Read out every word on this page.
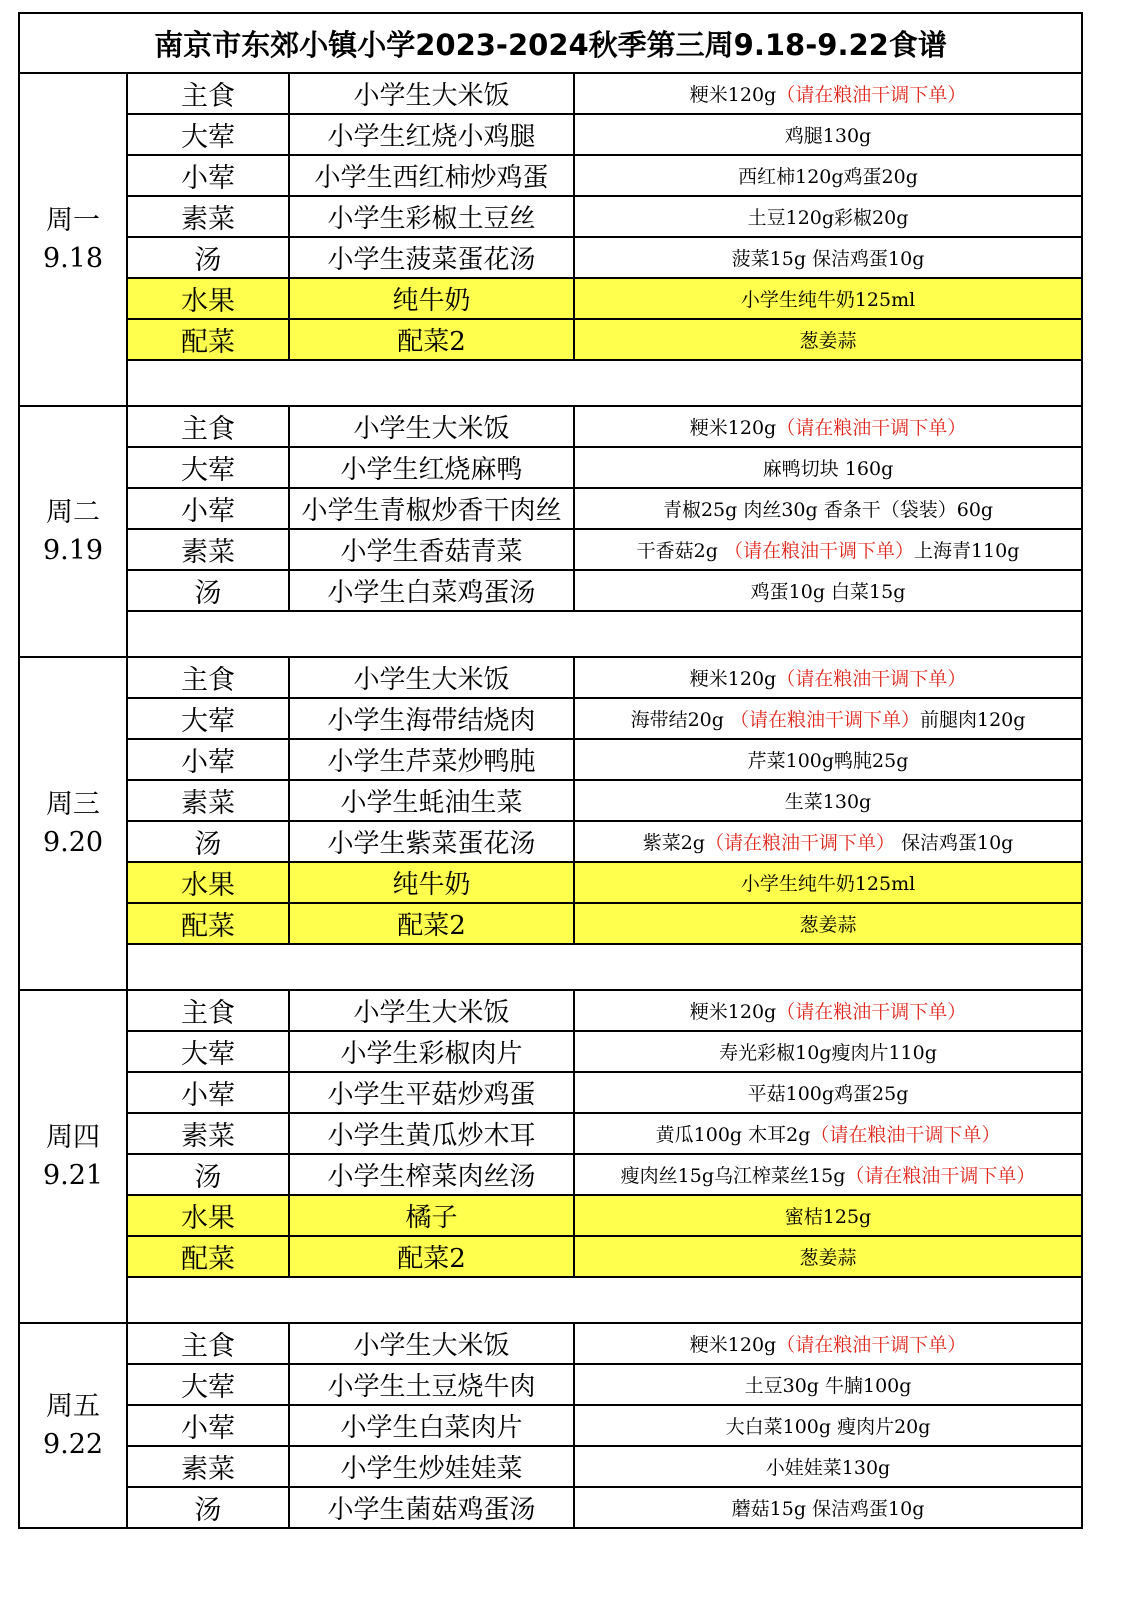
南京市东郊小镇小学2023-2024秋季第三周9.18-9.22食谱			

周一
9.18	主食	小学生大米饭	粳米120g（请在粮油干调下单）
	大荤	小学生红烧小鸡腿	鸡腿130g
	小荤	小学生西红柿炒鸡蛋	西红柿120g鸡蛋20g
	素菜	小学生彩椒土豆丝	土豆120g彩椒20g
	汤	小学生菠菜蛋花汤	菠菜15g 保洁鸡蛋10g
	水果	纯牛奶	小学生纯牛奶125ml
	配菜	配菜2	葱姜蒜

周二
9.19	主食	小学生大米饭	粳米120g（请在粮油干调下单）
	大荤	小学生红烧麻鸭	麻鸭切块 160g
	小荤	小学生青椒炒香干肉丝	青椒25g 肉丝30g 香条干（袋装）60g
	素菜	小学生香菇青菜	干香菇2g （请在粮油干调下单）上海青110g
	汤	小学生白菜鸡蛋汤	鸡蛋10g 白菜15g

周三
9.20	主食	小学生大米饭	粳米120g（请在粮油干调下单）
	大荤	小学生海带结烧肉	海带结20g （请在粮油干调下单）前腿肉120g
	小荤	小学生芹菜炒鸭肫	芹菜100g鸭肫25g
	素菜	小学生蚝油生菜	生菜130g
	汤	小学生紫菜蛋花汤	紫菜2g（请在粮油干调下单） 保洁鸡蛋10g
	水果	纯牛奶	小学生纯牛奶125ml
	配菜	配菜2	葱姜蒜

周四
9.21	主食	小学生大米饭	粳米120g（请在粮油干调下单）
	大荤	小学生彩椒肉片	寿光彩椒10g瘦肉片110g
	小荤	小学生平菇炒鸡蛋	平菇100g鸡蛋25g
	素菜	小学生黄瓜炒木耳	黄瓜100g 木耳2g（请在粮油干调下单）
	汤	小学生榨菜肉丝汤	瘦肉丝15g乌江榨菜丝15g（请在粮油干调下单）
	水果	橘子	蜜桔125g
	配菜	配菜2	葱姜蒜

周五
9.22	主食	小学生大米饭	粳米120g（请在粮油干调下单）
	大荤	小学生土豆烧牛肉	土豆30g 牛腩100g
	小荤	小学生白菜肉片	大白菜100g 瘦肉片20g
	素菜	小学生炒娃娃菜	小娃娃菜130g
	汤	小学生菌菇鸡蛋汤	蘑菇15g 保洁鸡蛋10g
